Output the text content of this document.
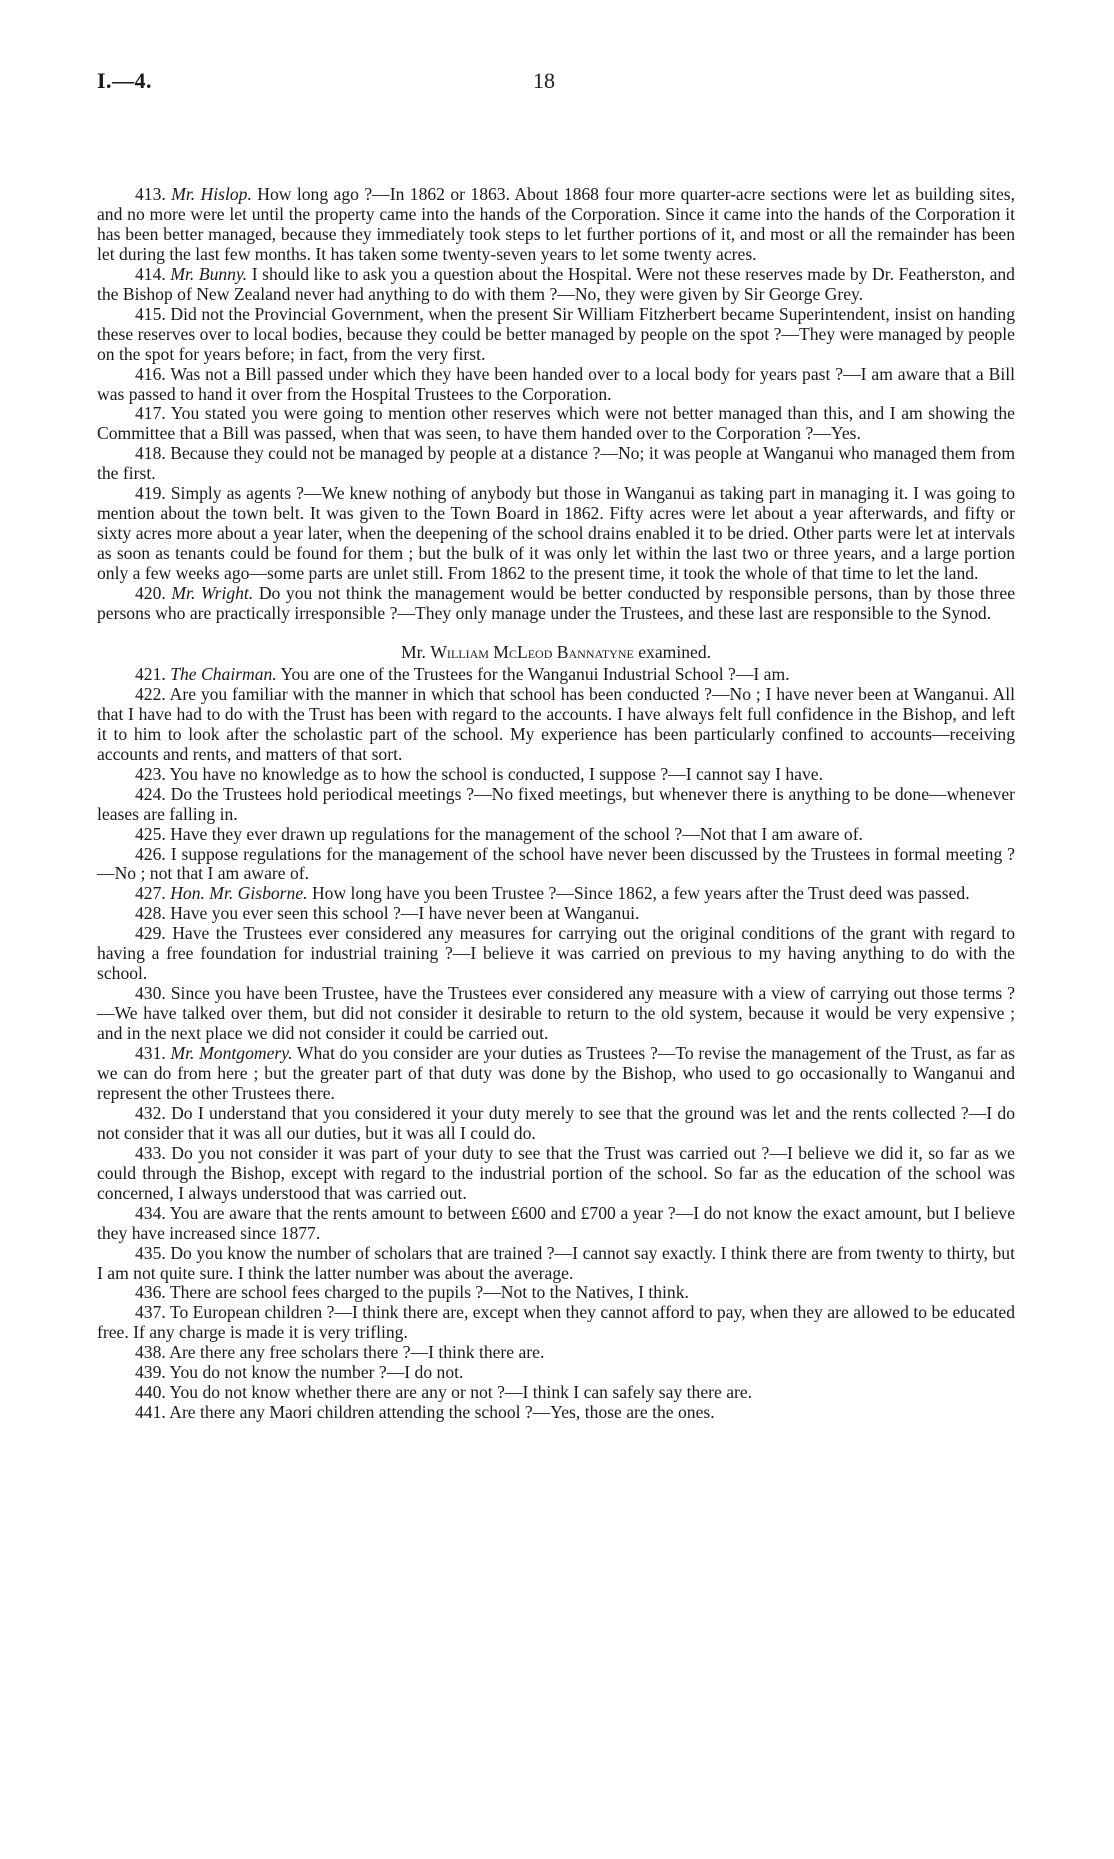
I.—4.	18

413. Mr. Hislop. How long ago ?—In 1862 or 1863. About 1868 four more quarter-acre sections were let as building sites, and no more were let until the property came into the hands of the Corporation. Since it came into the hands of the Corporation it has been better managed, because they immediately took steps to let further portions of it, and most or all the remainder has been let during the last few months. It has taken some twenty-seven years to let some twenty acres.

414. Mr. Bunny. I should like to ask you a question about the Hospital. Were not these reserves made by Dr. Featherston, and the Bishop of New Zealand never had anything to do with them ?—No, they were given by Sir George Grey.

415. Did not the Provincial Government, when the present Sir William Fitzherbert became Superintendent, insist on handing these reserves over to local bodies, because they could be better managed by people on the spot ?—They were managed by people on the spot for years before; in fact, from the very first.

416. Was not a Bill passed under which they have been handed over to a local body for years past ?—I am aware that a Bill was passed to hand it over from the Hospital Trustees to the Corporation.

417. You stated you were going to mention other reserves which were not better managed than this, and I am showing the Committee that a Bill was passed, when that was seen, to have them handed over to the Corporation ?—Yes.

418. Because they could not be managed by people at a distance ?—No; it was people at Wanganui who managed them from the first.

419. Simply as agents ?—We knew nothing of anybody but those in Wanganui as taking part in managing it. I was going to mention about the town belt. It was given to the Town Board in 1862. Fifty acres were let about a year afterwards, and fifty or sixty acres more about a year later, when the deepening of the school drains enabled it to be dried. Other parts were let at intervals as soon as tenants could be found for them ; but the bulk of it was only let within the last two or three years, and a large portion only a few weeks ago—some parts are unlet still. From 1862 to the present time, it took the whole of that time to let the land.

420. Mr. Wright. Do you not think the management would be better conducted by responsible persons, than by those three persons who are practically irresponsible ?—They only manage under the Trustees, and these last are responsible to the Synod.

Mr. William McLeod Bannatyne examined.

421. The Chairman. You are one of the Trustees for the Wanganui Industrial School ?—I am.

422. Are you familiar with the manner in which that school has been conducted ?—No ; I have never been at Wanganui. All that I have had to do with the Trust has been with regard to the accounts. I have always felt full confidence in the Bishop, and left it to him to look after the scholastic part of the school. My experience has been particularly confined to accounts—receiving accounts and rents, and matters of that sort.

423. You have no knowledge as to how the school is conducted, I suppose ?—I cannot say I have.

424. Do the Trustees hold periodical meetings ?—No fixed meetings, but whenever there is anything to be done—whenever leases are falling in.

425. Have they ever drawn up regulations for the management of the school ?—Not that I am aware of.

426. I suppose regulations for the management of the school have never been discussed by the Trustees in formal meeting ?—No ; not that I am aware of.

427. Hon. Mr. Gisborne. How long have you been Trustee ?—Since 1862, a few years after the Trust deed was passed.

428. Have you ever seen this school ?—I have never been at Wanganui.

429. Have the Trustees ever considered any measures for carrying out the original conditions of the grant with regard to having a free foundation for industrial training ?—I believe it was carried on previous to my having anything to do with the school.

430. Since you have been Trustee, have the Trustees ever considered any measure with a view of carrying out those terms ?—We have talked over them, but did not consider it desirable to return to the old system, because it would be very expensive ; and in the next place we did not consider it could be carried out.

431. Mr. Montgomery. What do you consider are your duties as Trustees ?—To revise the management of the Trust, as far as we can do from here ; but the greater part of that duty was done by the Bishop, who used to go occasionally to Wanganui and represent the other Trustees there.

432. Do I understand that you considered it your duty merely to see that the ground was let and the rents collected ?—I do not consider that it was all our duties, but it was all I could do.

433. Do you not consider it was part of your duty to see that the Trust was carried out ?—I believe we did it, so far as we could through the Bishop, except with regard to the industrial portion of the school. So far as the education of the school was concerned, I always understood that was carried out.

434. You are aware that the rents amount to between £600 and £700 a year ?—I do not know the exact amount, but I believe they have increased since 1877.

435. Do you know the number of scholars that are trained ?—I cannot say exactly. I think there are from twenty to thirty, but I am not quite sure. I think the latter number was about the average.

436. There are school fees charged to the pupils ?—Not to the Natives, I think.

437. To European children ?—I think there are, except when they cannot afford to pay, when they are allowed to be educated free. If any charge is made it is very trifling.

438. Are there any free scholars there ?—I think there are.

439. You do not know the number ?—I do not.

440. You do not know whether there are any or not ?—I think I can safely say there are.

441. Are there any Maori children attending the school ?—Yes, those are the ones.
